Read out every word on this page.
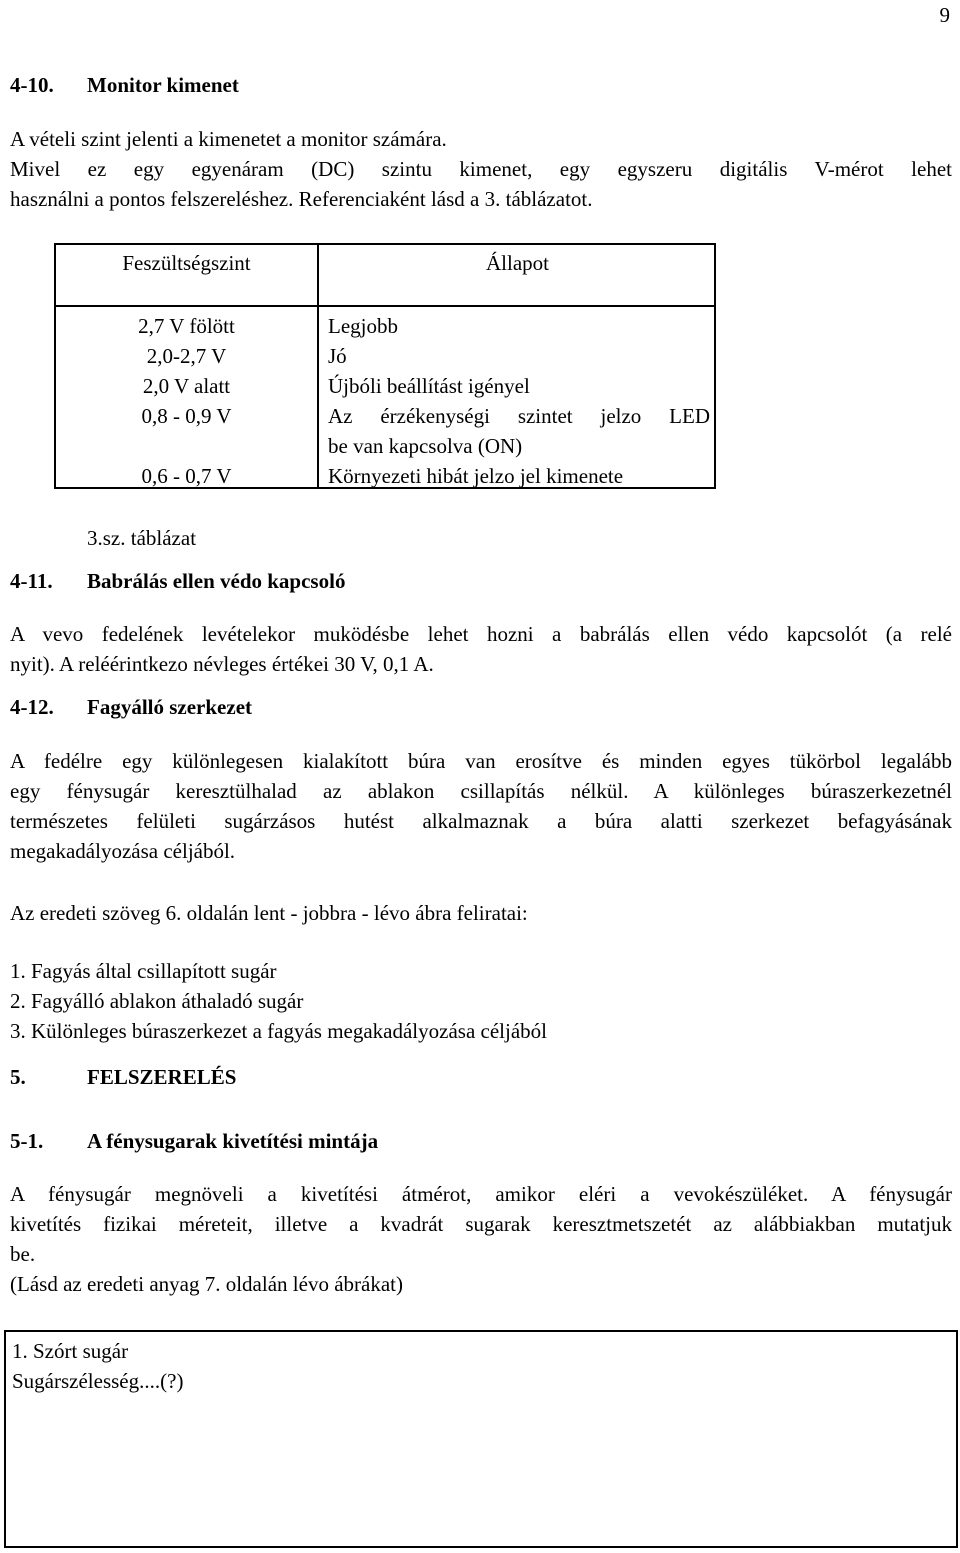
9
4-10. Monitor kimenet
A vételi szint jelenti a kimenetet a monitor számára.
Mivel ez egy egyenáram (DC) szintu kimenet, egy egyszeru digitális V-mérot lehet
használni a pontos felszereléshez. Referenciaként lásd a 3. táblázatot.
Feszültségszint	Állapot
2,7 V fölött
2,0-2,7 V
2,0 V alatt
0,8 - 0,9 V
0,6 - 0,7 V
Legjobb
Jó
Újbóli beállítást igényel
Az érzékenységi szintet jelzo LED
be van kapcsolva (ON)
Környezeti hibát jelzo jel kimenete
3.sz. táblázat
4-11. Babrálás ellen védo kapcsoló
A vevo fedelének levételekor muködésbe lehet hozni a babrálás ellen védo kapcsolót (a relé
nyit). A reléérintkezo névleges értékei 30 V, 0,1 A.
4-12. Fagyálló szerkezet
A fedélre egy különlegesen kialakított búra van erosítve és minden egyes tükörbol legalább
egy fénysugár keresztülhalad az ablakon csillapítás nélkül. A különleges búraszerkezetnél
természetes felületi sugárzásos hutést alkalmaznak a búra alatti szerkezet befagyásának
megakadályozása céljából.
Az eredeti szöveg 6. oldalán lent - jobbra - lévo ábra feliratai:
1. Fagyás által csillapított sugár
2. Fagyálló ablakon áthaladó sugár
3. Különleges búraszerkezet a fagyás megakadályozása céljából
5.	FELSZERELÉS
5-1. A fénysugarak kivetítési mintája
A fénysugár megnöveli a kivetítési átmérot, amikor eléri a vevokészüléket. A fénysugár
kivetítés fizikai méreteit, illetve a kvadrát sugarak keresztmetszetét az alábbiakban mutatjuk
be.
(Lásd az eredeti anyag 7. oldalán lévo ábrákat)
1. Szórt sugár
Sugárszélesség....(?)
